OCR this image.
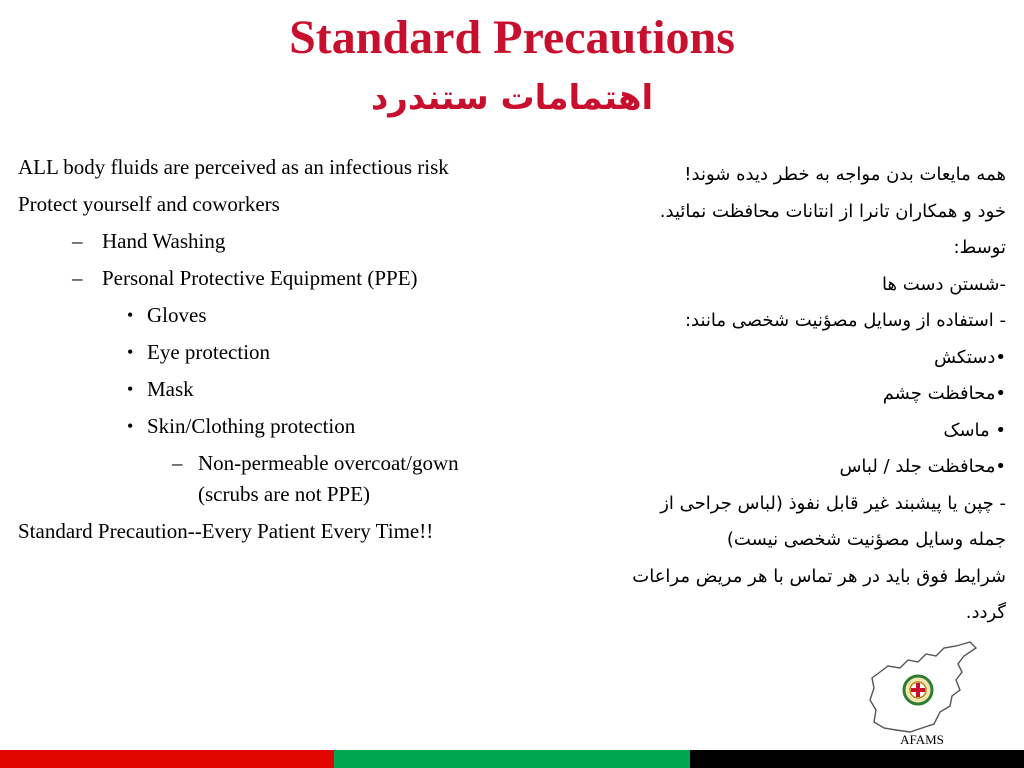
Standard Precautions
اهتمامات ستندرد

ALL body fluids are perceived as an infectious risk

Protect yourself and coworkers

– Hand Washing

– Personal Protective Equipment (PPE)

• Gloves

• Eye protection

• Mask

• Skin/Clothing protection

– Non-permeable overcoat/gown (scrubs are not PPE)

Standard Precaution--Every Patient Every Time!!

همه مایعات بدن مواجه به خطر دیده شوند!

خود و همکاران تانرا از انتانات محافظت نمائید.

توسط:

-شستن دست ها

- استفاده از وسایل مصؤنیت شخصی مانند:

•دستکش

•محافظت چشم

• ماسک

•محافظت جلد / لباس

- چپن یا پیشبند غیر قابل نفوذ (لباس جراحی از

جمله وسایل مصؤنیت شخصی نیست)

شرایط فوق باید در هر تماس با هر مریض مراعات

گردد.

AFAMS
